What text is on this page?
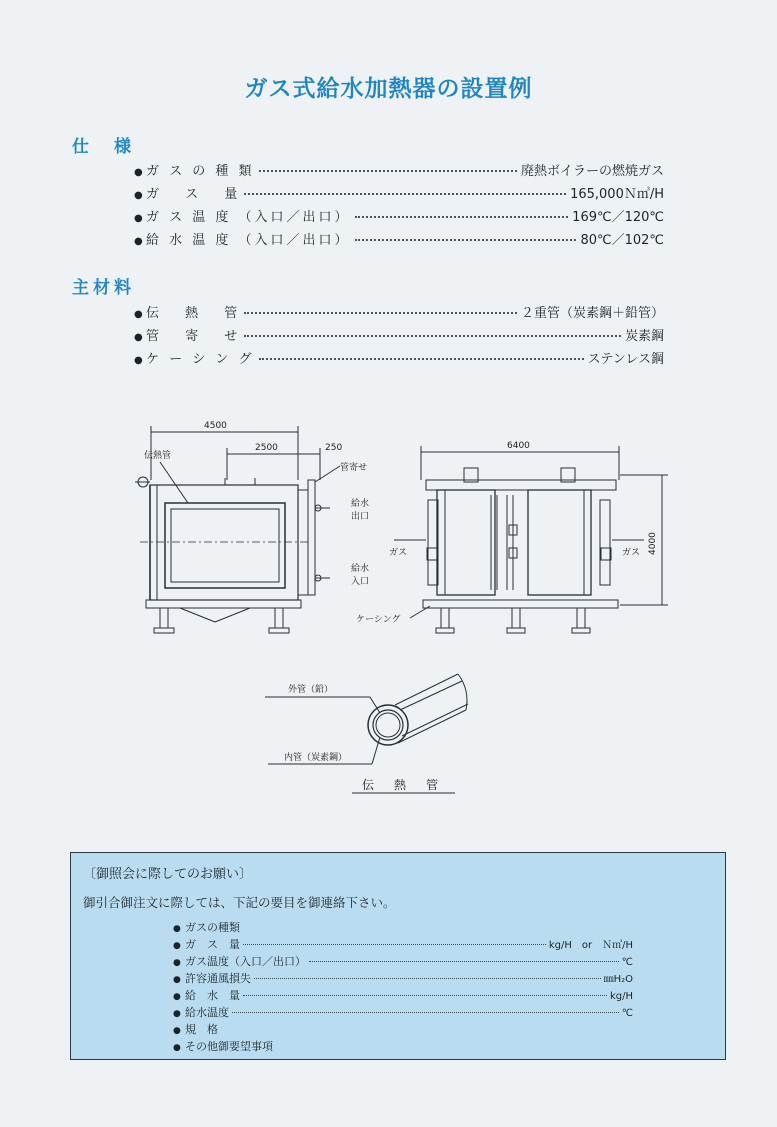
ガス式給水加熱器の設置例
仕　様
● ガ ス の 種 類	廃熱ボイラーの燃焼ガス
● ガ　 ス　 量	165,000Ｎ㎥/H
● ガ ス 温 度 （入口／出口）	169℃／120℃
● 給 水 温 度 （入口／出口）	80℃／102℃
主材料
● 伝　 熱　 管	２重管（炭素鋼＋鉛管）
● 管　 寄　 せ	炭素鋼
● ケ ー シ ン グ	ステンレス鋼
4500
2500	250
伝熱管
管寄せ
給水
出口
給水
入口
6400
4000
ガス	ガス
ケーシング
外管（鉛）
内管（炭素鋼）
伝　熱　管
〔御照会に際してのお願い〕
御引合御注文に際しては、下記の要目を御連絡下さい。
● ガスの種類
● ガ　ス　量	kg/H　or　Ｎ㎥/H
● ガス温度（入口／出口）	℃
● 許容通風損失	㎜H₂O
● 給　水　量	kg/H
● 給水温度	℃
● 規　格
● その他御要望事項
